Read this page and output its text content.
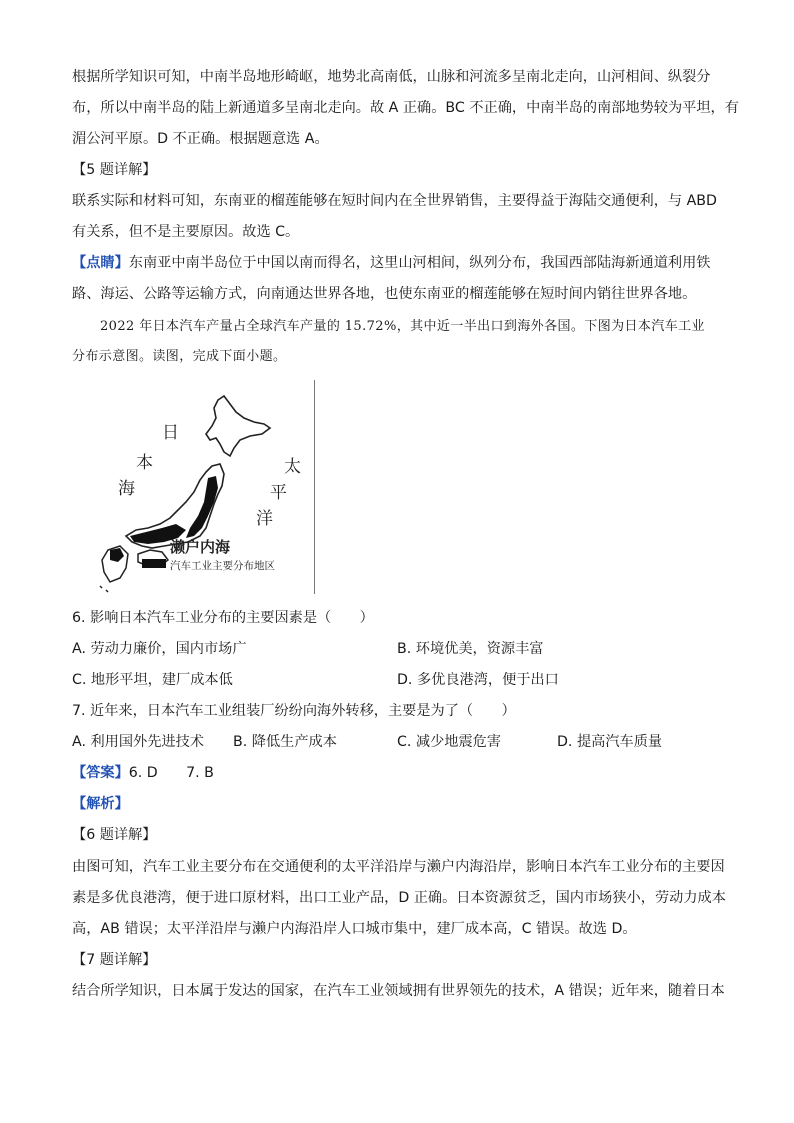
根据所学知识可知，中南半岛地形崎岖，地势北高南低，山脉和河流多呈南北走向，山河相间、纵裂分

布，所以中南半岛的陆上新通道多呈南北走向。故 A 正确。BC 不正确，中南半岛的南部地势较为平坦，有

湄公河平原。D 不正确。根据题意选 A。

【5 题详解】

联系实际和材料可知，东南亚的榴莲能够在短时间内在全世界销售，主要得益于海陆交通便利，与 ABD

有关系，但不是主要原因。故选 C。

【点睛】东南亚中南半岛位于中国以南而得名，这里山河相间，纵列分布，我国西部陆海新通道利用铁

路、海运、公路等运输方式，向南通达世界各地，也使东南亚的榴莲能够在短时间内销往世界各地。

2022 年日本汽车产量占全球汽车产量的 15.72%，其中近一半出口到海外各国。下图为日本汽车工业

分布示意图。读图，完成下面小题。

日
本
海
太
平
洋
濑户内海
汽车工业主要分布地区

6. 影响日本汽车工业分布的主要因素是（　　）

A. 劳动力廉价，国内市场广	B. 环境优美，资源丰富
C. 地形平坦，建厂成本低	D. 多优良港湾，便于出口

7. 近年来，日本汽车工业组装厂纷纷向海外转移，主要是为了（　　）

A. 利用国外先进技术 B. 降低生产成本	C. 减少地震危害	D. 提高汽车质量

【答案】6. D　　7. B

【解析】

【6 题详解】

由图可知，汽车工业主要分布在交通便利的太平洋沿岸与濑户内海沿岸，影响日本汽车工业分布的主要因

素是多优良港湾，便于进口原材料，出口工业产品，D 正确。日本资源贫乏，国内市场狭小，劳动力成本

高，AB 错误；太平洋沿岸与濑户内海沿岸人口城市集中，建厂成本高，C 错误。故选 D。

【7 题详解】

结合所学知识，日本属于发达的国家，在汽车工业领域拥有世界领先的技术，A 错误；近年来，随着日本
